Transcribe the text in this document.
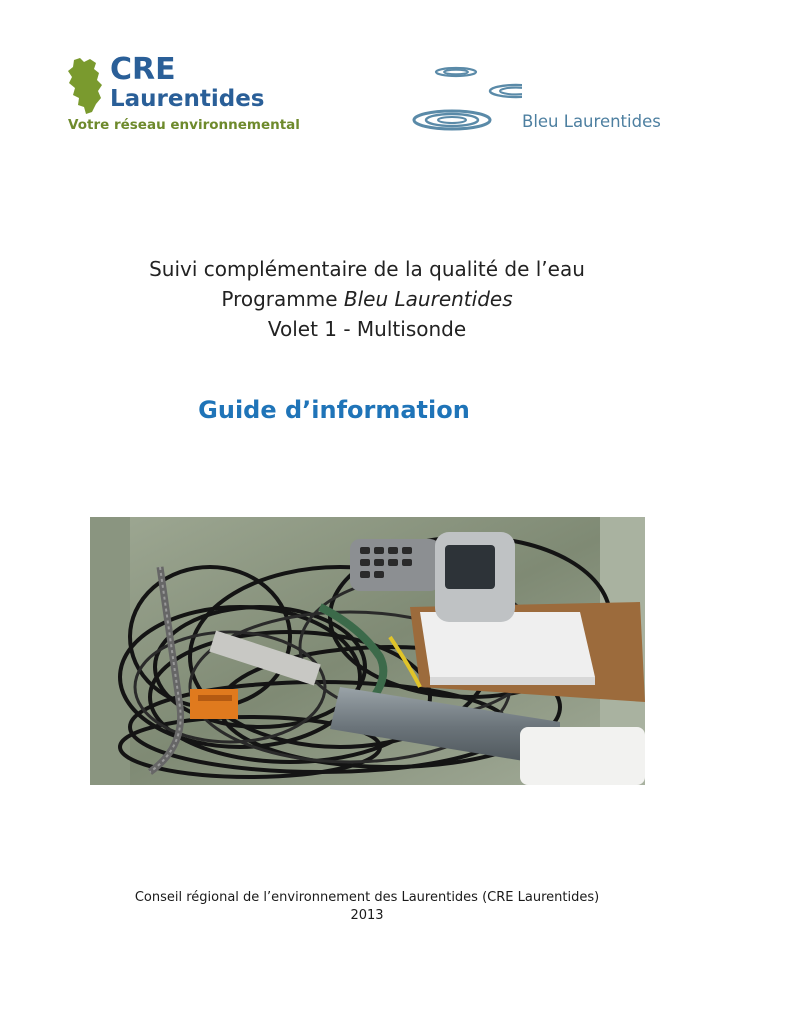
CRE
Laurentides
Votre réseau environnemental	Bleu Laurentides
Suivi complémentaire de la qualité de l’eau
Programme Bleu Laurentides
Volet 1 - Multisonde
Guide d’information
Conseil régional de l’environnement des Laurentides (CRE Laurentides)
2013
